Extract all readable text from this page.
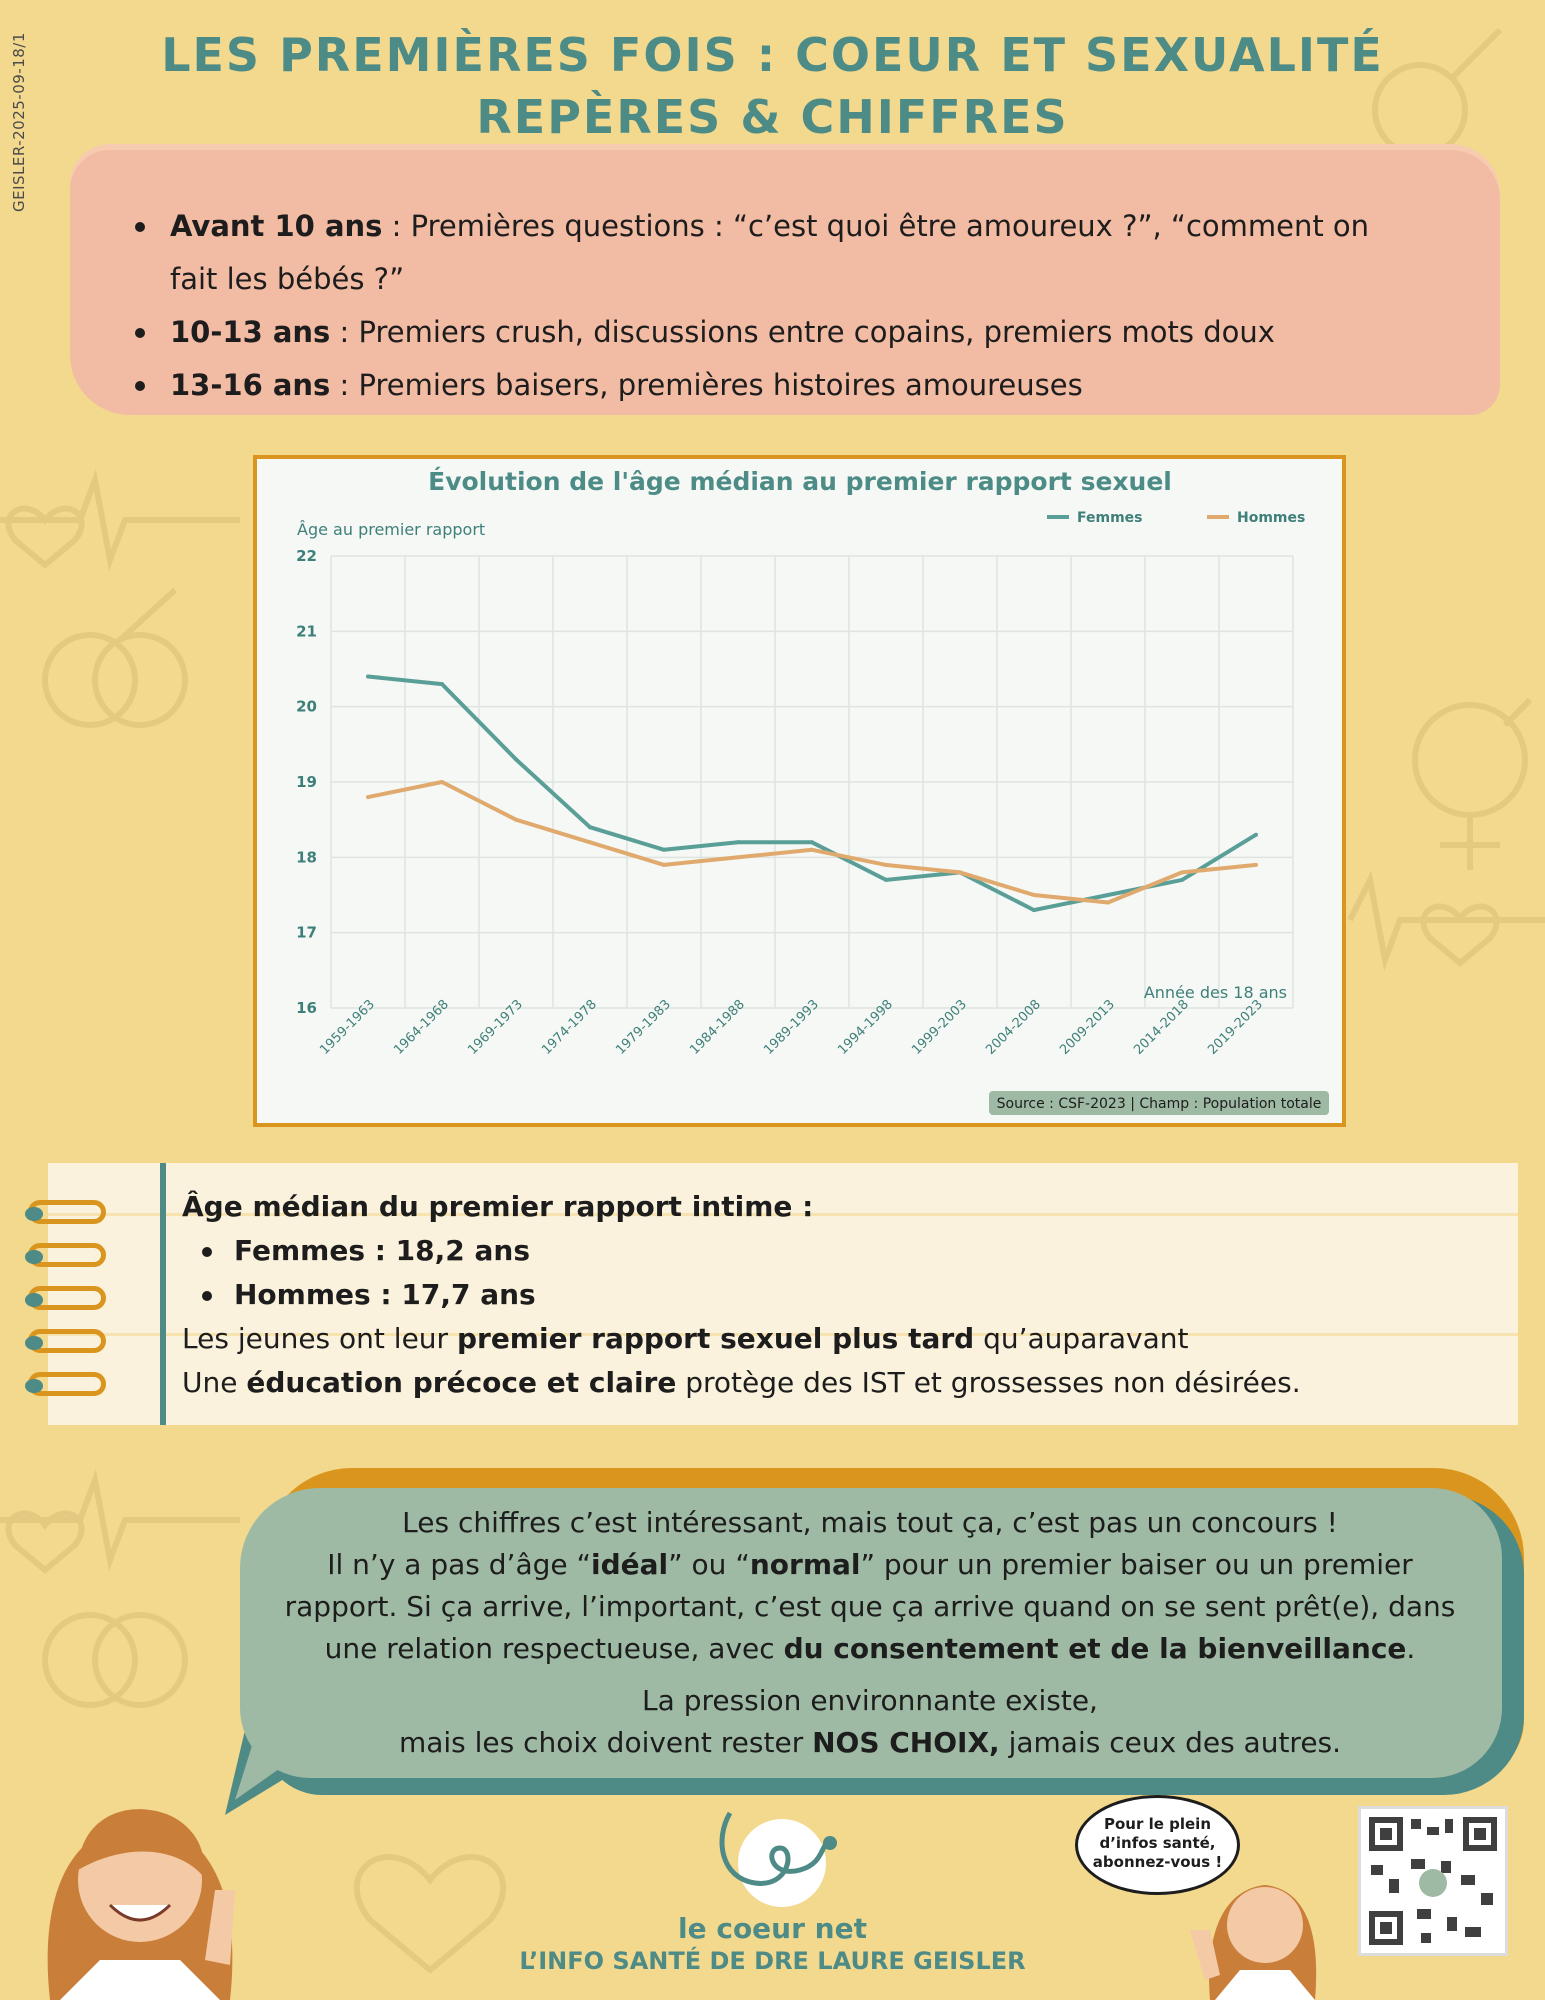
GEISLER-2025-09-18/1	LES PREMIÈRES FOIS : COEUR ET SEXUALITÉ
REPÈRES & CHIFFRES
Avant 10 ans : Premières questions : “c’est quoi être amoureux ?”, “comment on fait les bébés ?”
10-13 ans : Premiers crush, discussions entre copains, premiers mots doux
13-16 ans : Premiers baisers, premières histoires amoureuses
Évolution de l'âge médian au premier rapport sexuel
Âge au premier rapport
16
17
18
19
20
21
22
1959-1963 1964-1968 1969-1973 1974-1978 1979-1983 1984-1988 1989-1993 1994-1998 1999-2003 2004-2008 2009-2013 2014-2018 2019-2023
Année des 18 ans
Femmes	Hommes
Source : CSF-2023 | Champ : Population totale
Âge médian du premier rapport intime :
Femmes : 18,2 ans
Hommes : 17,7 ans
Les jeunes ont leur premier rapport sexuel plus tard qu’auparavant
Une éducation précoce et claire protège des IST et grossesses non désirées.

Les chiffres c’est intéressant, mais tout ça, c’est pas un concours !

Il n’y a pas d’âge “idéal” ou “normal” pour un premier baiser ou un premier

rapport. Si ça arrive, l’important, c’est que ça arrive quand on se sent prêt(e), dans

une relation respectueuse, avec du consentement et de la bienveillance.

La pression environnante existe,

mais les choix doivent rester NOS CHOIX, jamais ceux des autres.

Pour le plein d’infos santé, abonnez-vous !
le coeur net
L’INFO SANTÉ DE DRE LAURE GEISLER
